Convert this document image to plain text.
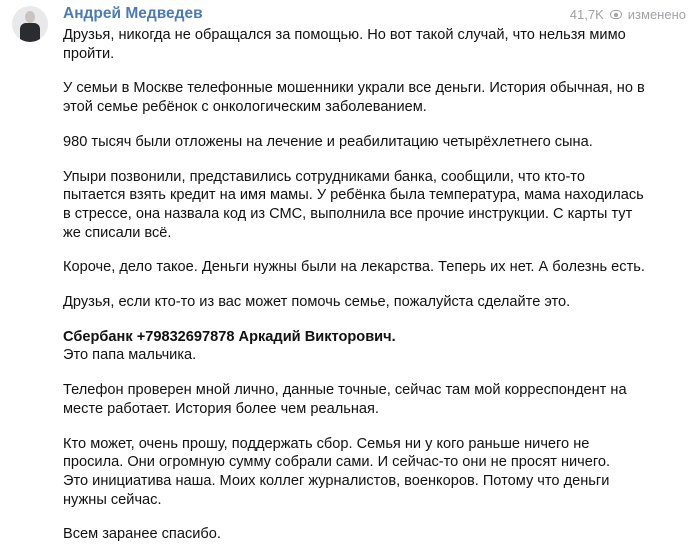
Андрей Медведев	41,7K изменено

Друзья, никогда не обращался за помощью. Но вот такой случай, что нельзя мимо
пройти.

У семьи в Москве телефонные мошенники украли все деньги. История обычная, но в
этой семье ребёнок с онкологическим заболеванием.

980 тысяч были отложены на лечение и реабилитацию четырёхлетнего сына.

Упыри позвонили, представились сотрудниками банка, сообщили, что кто-то
пытается взять кредит на имя мамы. У ребёнка была температура, мама находилась
в стрессе, она назвала код из СМС, выполнила все прочие инструкции. С карты тут
же списали всё.

Короче, дело такое. Деньги нужны были на лекарства. Теперь их нет. А болезнь есть.

Друзья, если кто-то из вас может помочь семье, пожалуйста сделайте это.

Сбербанк +79832697878 Аркадий Викторович.
Это папа мальчика.

Телефон проверен мной лично, данные точные, сейчас там мой корреспондент на
месте работает. История более чем реальная.

Кто может, очень прошу, поддержать сбор. Семья ни у кого раньше ничего не
просила. Они огромную сумму собрали сами. И сейчас-то они не просят ничего.
Это инициатива наша. Моих коллег журналистов, военкоров. Потому что деньги
нужны сейчас.

Всем заранее спасибо.
